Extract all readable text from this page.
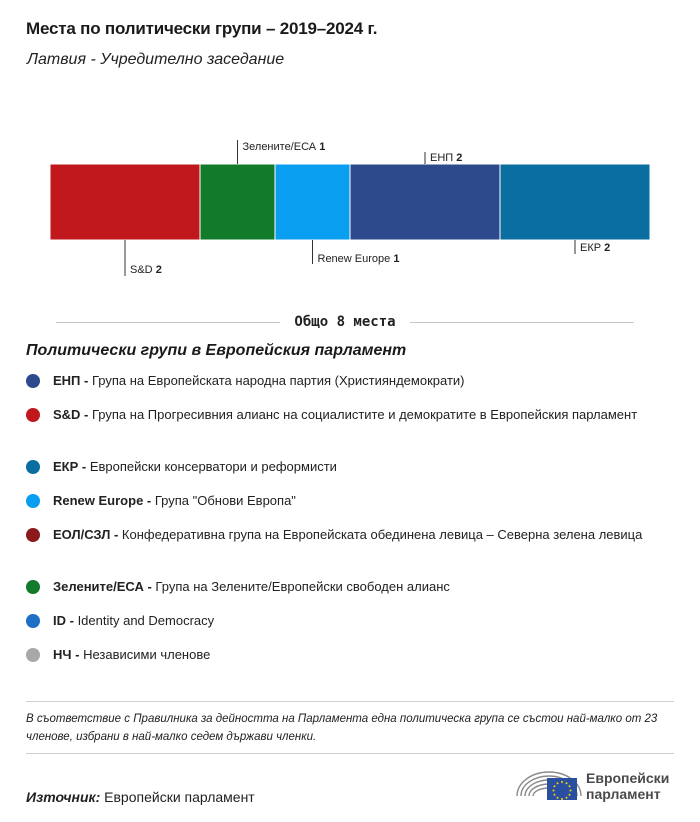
Места по политически групи – 2019–2024 г.
Латвия - Учредително заседание
S&D 2
Зелените/ЕСА 1
Renew Europe 1
ЕНП 2
ЕКР 2
Общо 8 места
Политически групи в Европейския парламент
ЕНП - Група на Европейската народна партия (Християндемократи)
S&D - Група на Прогресивния алианс на социалистите и демократите в Европейския парламент
ЕКР - Европейски консерватори и реформисти
Renew Europe - Група "Обнови Европа"
ЕОЛ/СЗЛ - Конфедеративна група на Европейската обединена левица – Северна зелена левица
Зелените/ЕСА - Група на Зелените/Европейски свободен алианс
ID - Identity and Democracy
НЧ - Независими членове
В съответствие с Правилника за дейността на Парламента една политическа група се състои най-малко от 23 членове, избрани в най-малко седем държави членки.
Източник: Европейски парламент
Европейски
парламент
